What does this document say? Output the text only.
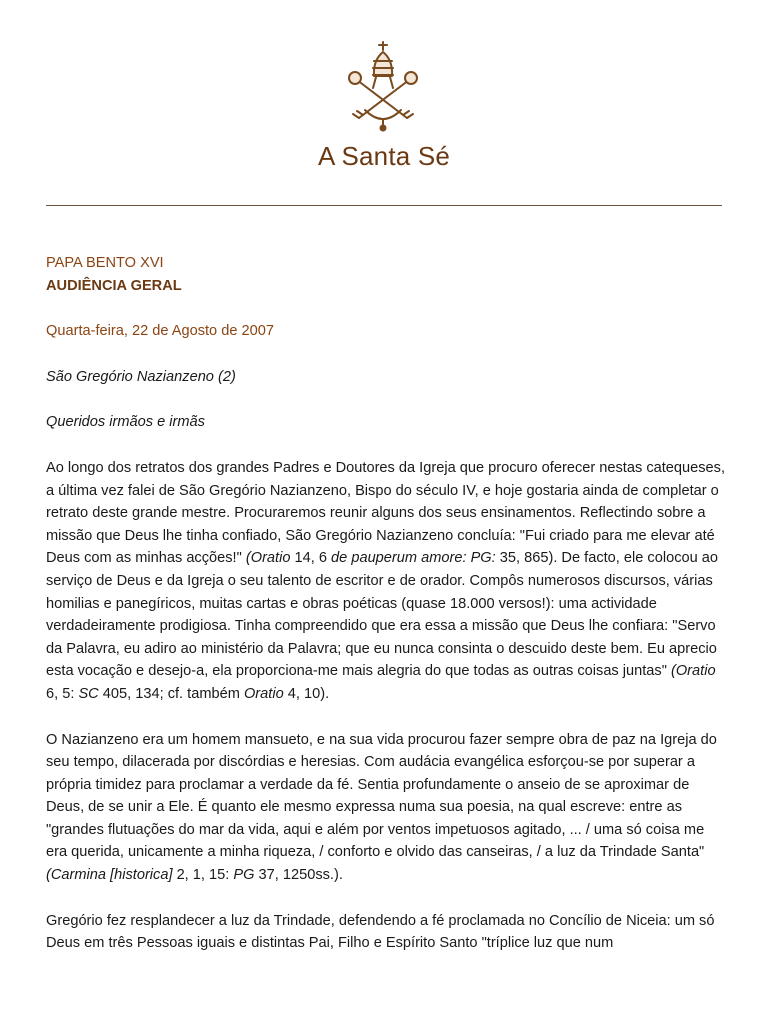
A Santa Sé

PAPA BENTO XVI

AUDIÊNCIA GERAL

Quarta-feira, 22 de Agosto de 2007

São Gregório Nazianzeno (2)

Queridos irmãos e irmãs

Ao longo dos retratos dos grandes Padres e Doutores da Igreja que procuro oferecer nestas catequeses, a última vez falei de São Gregório Nazianzeno, Bispo do século IV, e hoje gostaria ainda de completar o retrato deste grande mestre. Procuraremos reunir alguns dos seus ensinamentos. Reflectindo sobre a missão que Deus lhe tinha confiado, São Gregório Nazianzeno concluía: "Fui criado para me elevar até Deus com as minhas acções!" (Oratio 14, 6 de pauperum amore: PG: 35, 865). De facto, ele colocou ao serviço de Deus e da Igreja o seu talento de escritor e de orador. Compôs numerosos discursos, várias homilias e panegíricos, muitas cartas e obras poéticas (quase 18.000 versos!): uma actividade verdadeiramente prodigiosa. Tinha compreendido que era essa a missão que Deus lhe confiara: "Servo da Palavra, eu adiro ao ministério da Palavra; que eu nunca consinta o descuido deste bem. Eu aprecio esta vocação e desejo-a, ela proporciona-me mais alegria do que todas as outras coisas juntas" (Oratio 6, 5: SC 405, 134; cf. também Oratio 4, 10).

O Nazianzeno era um homem mansueto, e na sua vida procurou fazer sempre obra de paz na Igreja do seu tempo, dilacerada por discórdias e heresias. Com audácia evangélica esforçou-se por superar a própria timidez para proclamar a verdade da fé. Sentia profundamente o anseio de se aproximar de Deus, de se unir a Ele. É quanto ele mesmo expressa numa sua poesia, na qual escreve: entre as "grandes flutuações do mar da vida, aqui e além por ventos impetuosos agitado, ... / uma só coisa me era querida, unicamente a minha riqueza, / conforto e olvido das canseiras, / a luz da Trindade Santa" (Carmina [historica] 2, 1, 15: PG 37, 1250ss.).

Gregório fez resplandecer a luz da Trindade, defendendo a fé proclamada no Concílio de Niceia: um só Deus em três Pessoas iguais e distintas Pai, Filho e Espírito Santo "tríplice luz que num
